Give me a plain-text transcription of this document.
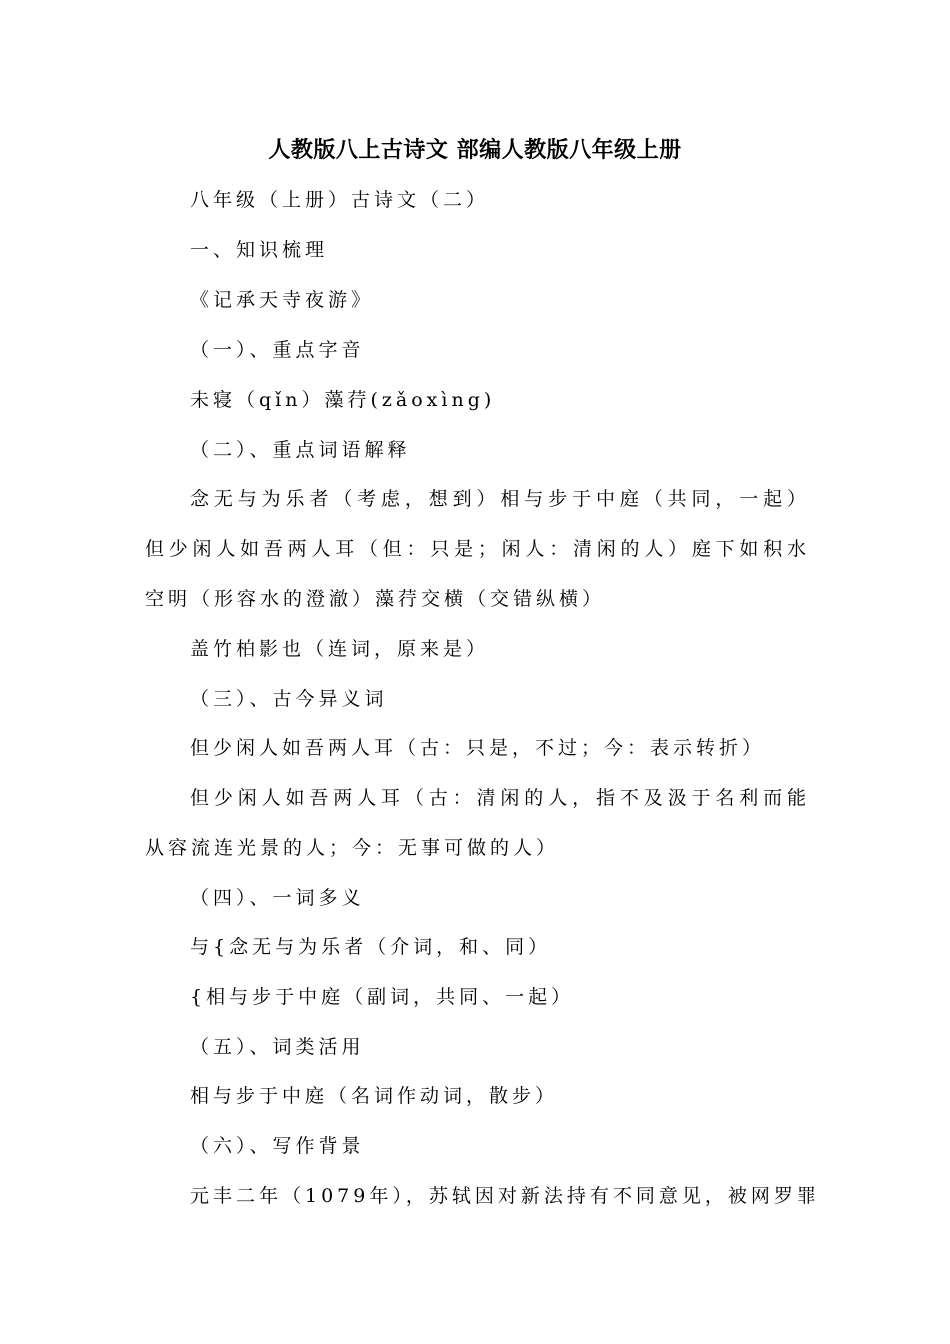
人教版八上古诗文 部编人教版八年级上册
八年级（上册）古诗文（二）
一、知识梳理
《记承天寺夜游》
（一）、重点字音
未寝（qǐn）藻荇(zǎoxìng)
（二）、重点词语解释
念无与为乐者（考虑，想到）相与步于中庭（共同，一起）但少闲人如吾两人耳（但：只是；闲人：清闲的人）庭下如积水空明（形容水的澄澈）藻荇交横（交错纵横）
盖竹柏影也（连词，原来是）
（三）、古今异义词
但少闲人如吾两人耳（古：只是，不过；今：表示转折）
但少闲人如吾两人耳（古：清闲的人，指不及汲于名利而能从容流连光景的人；今：无事可做的人）
（四）、一词多义
与{念无与为乐者（介词，和、同）
{相与步于中庭（副词，共同、一起）
（五）、词类活用
相与步于中庭（名词作动词，散步）
（六）、写作背景
元丰二年（1079年），苏轼因对新法持有不同意见，被网罗罪
